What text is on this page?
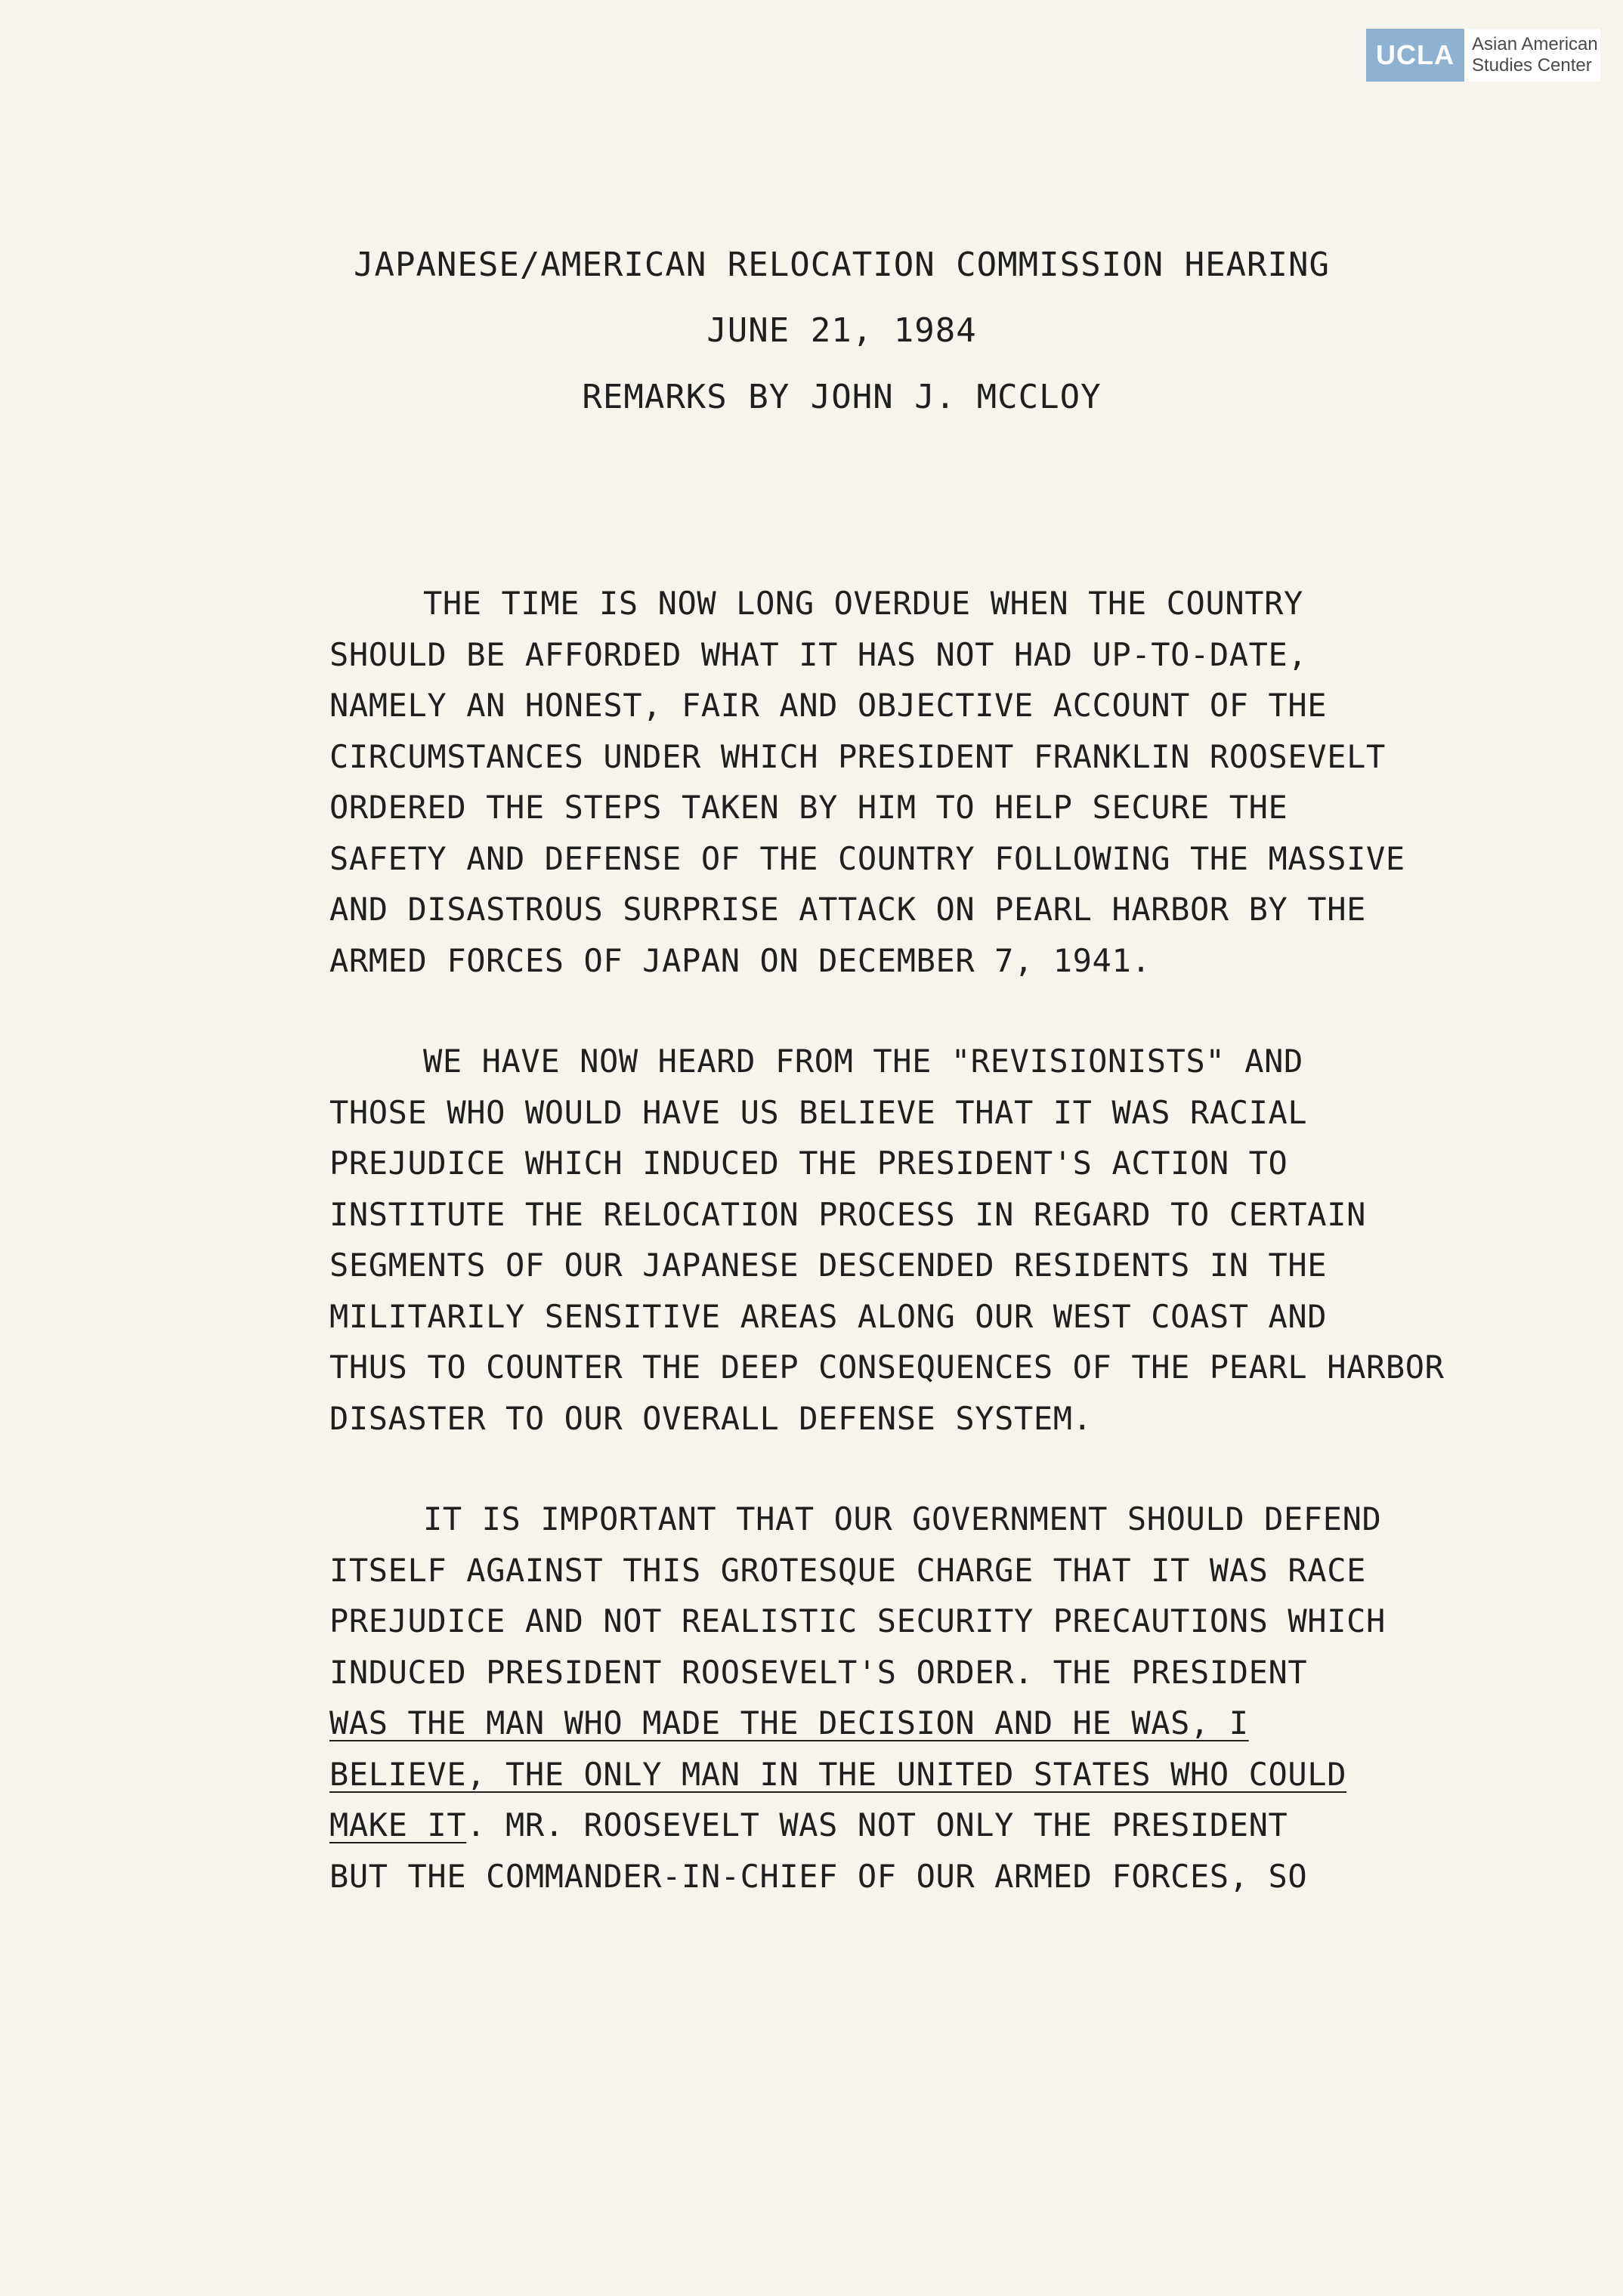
UCLA Asian American
Studies Center
JAPANESE/AMERICAN RELOCATION COMMISSION HEARING
JUNE 21, 1984
REMARKS BY JOHN J. MCCLOY
THE TIME IS NOW LONG OVERDUE WHEN THE COUNTRY
SHOULD BE AFFORDED WHAT IT HAS NOT HAD UP-TO-DATE,
NAMELY AN HONEST, FAIR AND OBJECTIVE ACCOUNT OF THE
CIRCUMSTANCES UNDER WHICH PRESIDENT FRANKLIN ROOSEVELT
ORDERED THE STEPS TAKEN BY HIM TO HELP SECURE THE
SAFETY AND DEFENSE OF THE COUNTRY FOLLOWING THE MASSIVE
AND DISASTROUS SURPRISE ATTACK ON PEARL HARBOR BY THE
ARMED FORCES OF JAPAN ON DECEMBER 7, 1941.
WE HAVE NOW HEARD FROM THE "REVISIONISTS" AND
THOSE WHO WOULD HAVE US BELIEVE THAT IT WAS RACIAL
PREJUDICE WHICH INDUCED THE PRESIDENT'S ACTION TO
INSTITUTE THE RELOCATION PROCESS IN REGARD TO CERTAIN
SEGMENTS OF OUR JAPANESE DESCENDED RESIDENTS IN THE
MILITARILY SENSITIVE AREAS ALONG OUR WEST COAST AND
THUS TO COUNTER THE DEEP CONSEQUENCES OF THE PEARL HARBOR
DISASTER TO OUR OVERALL DEFENSE SYSTEM.
IT IS IMPORTANT THAT OUR GOVERNMENT SHOULD DEFEND
ITSELF AGAINST THIS GROTESQUE CHARGE THAT IT WAS RACE
PREJUDICE AND NOT REALISTIC SECURITY PRECAUTIONS WHICH
INDUCED PRESIDENT ROOSEVELT'S ORDER. THE PRESIDENT
WAS THE MAN WHO MADE THE DECISION AND HE WAS, I
BELIEVE, THE ONLY MAN IN THE UNITED STATES WHO COULD
MAKE IT. MR. ROOSEVELT WAS NOT ONLY THE PRESIDENT
BUT THE COMMANDER-IN-CHIEF OF OUR ARMED FORCES, SO
